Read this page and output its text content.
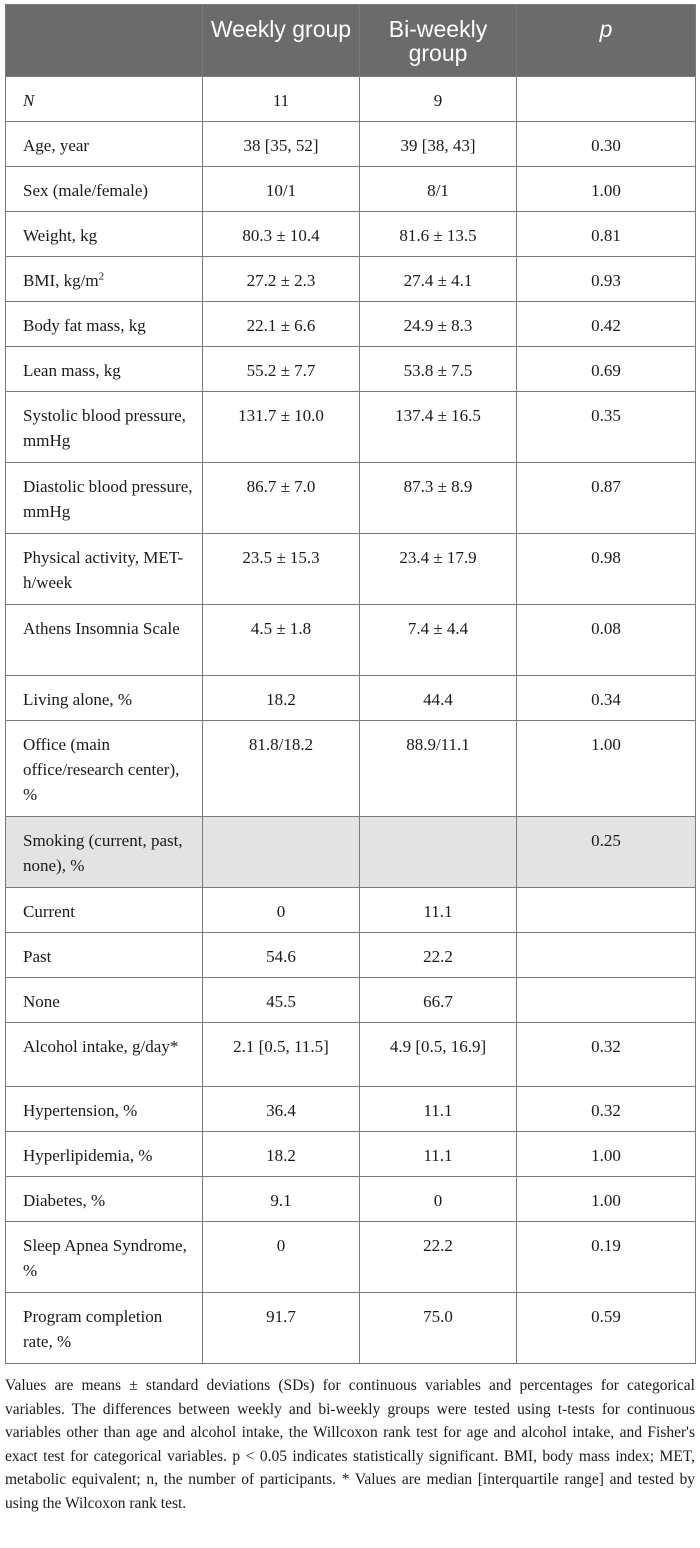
	Weekly group	Bi-weekly group	p
N	11	9	
Age, year	38 [35, 52]	39 [38, 43]	0.30
Sex (male/female)	10/1	8/1	1.00
Weight, kg	80.3 ± 10.4	81.6 ± 13.5	0.81
BMI, $kg/m^2$	27.2 ± 2.3	27.4 ± 4.1	0.93
Body fat mass, kg	22.1 ± 6.6	24.9 ± 8.3	0.42
Lean mass, kg	55.2 ± 7.7	53.8 ± 7.5	0.69
Systolic blood pressure, mmHg	131.7 ± 10.0	137.4 ± 16.5	0.35
Diastolic blood pressure, mmHg	86.7 ± 7.0	87.3 ± 8.9	0.87
Physical activity, MET-h/week	23.5 ± 15.3	23.4 ± 17.9	0.98
Athens Insomnia Scale	4.5 ± 1.8	7.4 ± 4.4	0.08
Living alone, %	18.2	44.4	0.34
Office (main office/research center), %	81.8/18.2	88.9/11.1	1.00
Smoking (current, past, none), %			0.25
Current	0	11.1	
Past	54.6	22.2	
None	45.5	66.7	
Alcohol intake, g/day*	2.1 [0.5, 11.5]	4.9 [0.5, 16.9]	0.32
Hypertension, %	36.4	11.1	0.32
Hyperlipidemia, %	18.2	11.1	1.00
Diabetes, %	9.1	0	1.00
Sleep Apnea Syndrome, %	0	22.2	0.19
Program completion rate, %	91.7	75.0	0.59
Values are means ± standard deviations (SDs) for continuous variables and percentages for categorical variables. The differences between weekly and bi-weekly groups were tested using t-tests for continuous variables other than age and alcohol intake, the Willcoxon rank test for age and alcohol intake, and Fisher's exact test for categorical variables. p < 0.05 indicates statistically significant. BMI, body mass index; MET, metabolic equivalent; n, the number of participants. * Values are median [interquartile range] and tested by using the Wilcoxon rank test.
